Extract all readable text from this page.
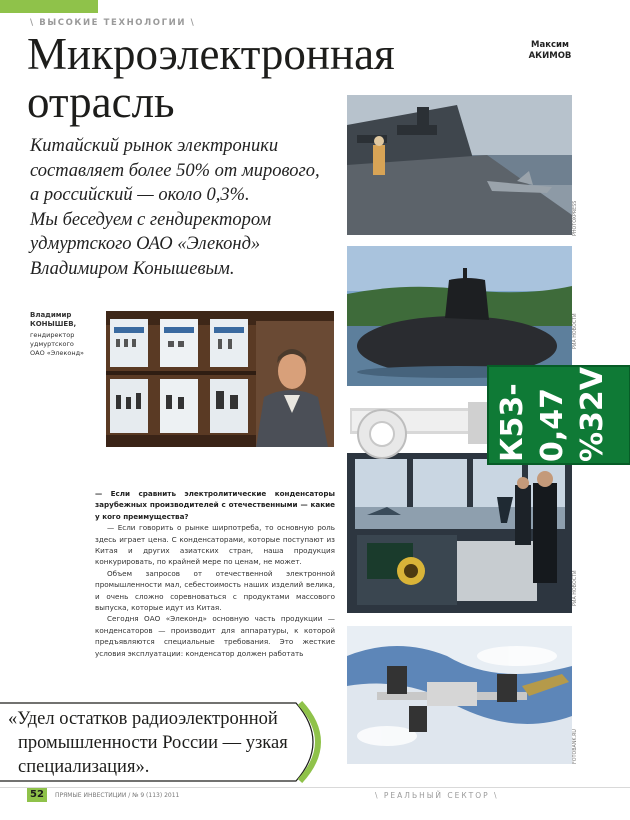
\ ВЫСОКИЕ ТЕХНОЛОГИИ \
Микроэлектронная
отрасль
Максим
АКИМОВ
Китайский рынок электроники
составляет более 50% от мирового,
а российский — около 0,3%.
Мы беседуем с гендиректором
удмуртского ОАО «Элеконд»
Владимиром Конышевым.
Владимир
КОНЫШЕВ,
гендиректор
удмуртского
ОАО «Элеконд»
PHOTOXPRESS
РИА НОВОСТИ
РИА НОВОСТИ
FOTOBANK.RU
К53- 0,47 %32V

— Если сравнить электролитические конденсаторы зарубежных производителей с отечественными — какие у кого преимущества?

— Если говорить о рынке ширпотреба, то основную роль здесь играет цена. С конденсаторами, которые поступают из Китая и других азиатских стран, наша продукция конкурировать, по крайней мере по ценам, не может.

Объем запросов от отечественной электронной промышленности мал, себестоимость наших изделий велика, и очень сложно соревноваться с продуктами массового выпуска, которые идут из Китая.

Сегодня ОАО «Элеконд» основную часть продукции — конденсаторов — производит для аппаратуры, к которой предъявляются специальные требования. Это жесткие условия эксплуатации: конденсатор должен работать

«Удел остатков радиоэлектронной
промышленности России — узкая
специализация».
52	ПРЯМЫЕ ИНВЕСТИЦИИ / № 9 (113) 2011	\ РЕАЛЬНЫЙ СЕКТОР \
